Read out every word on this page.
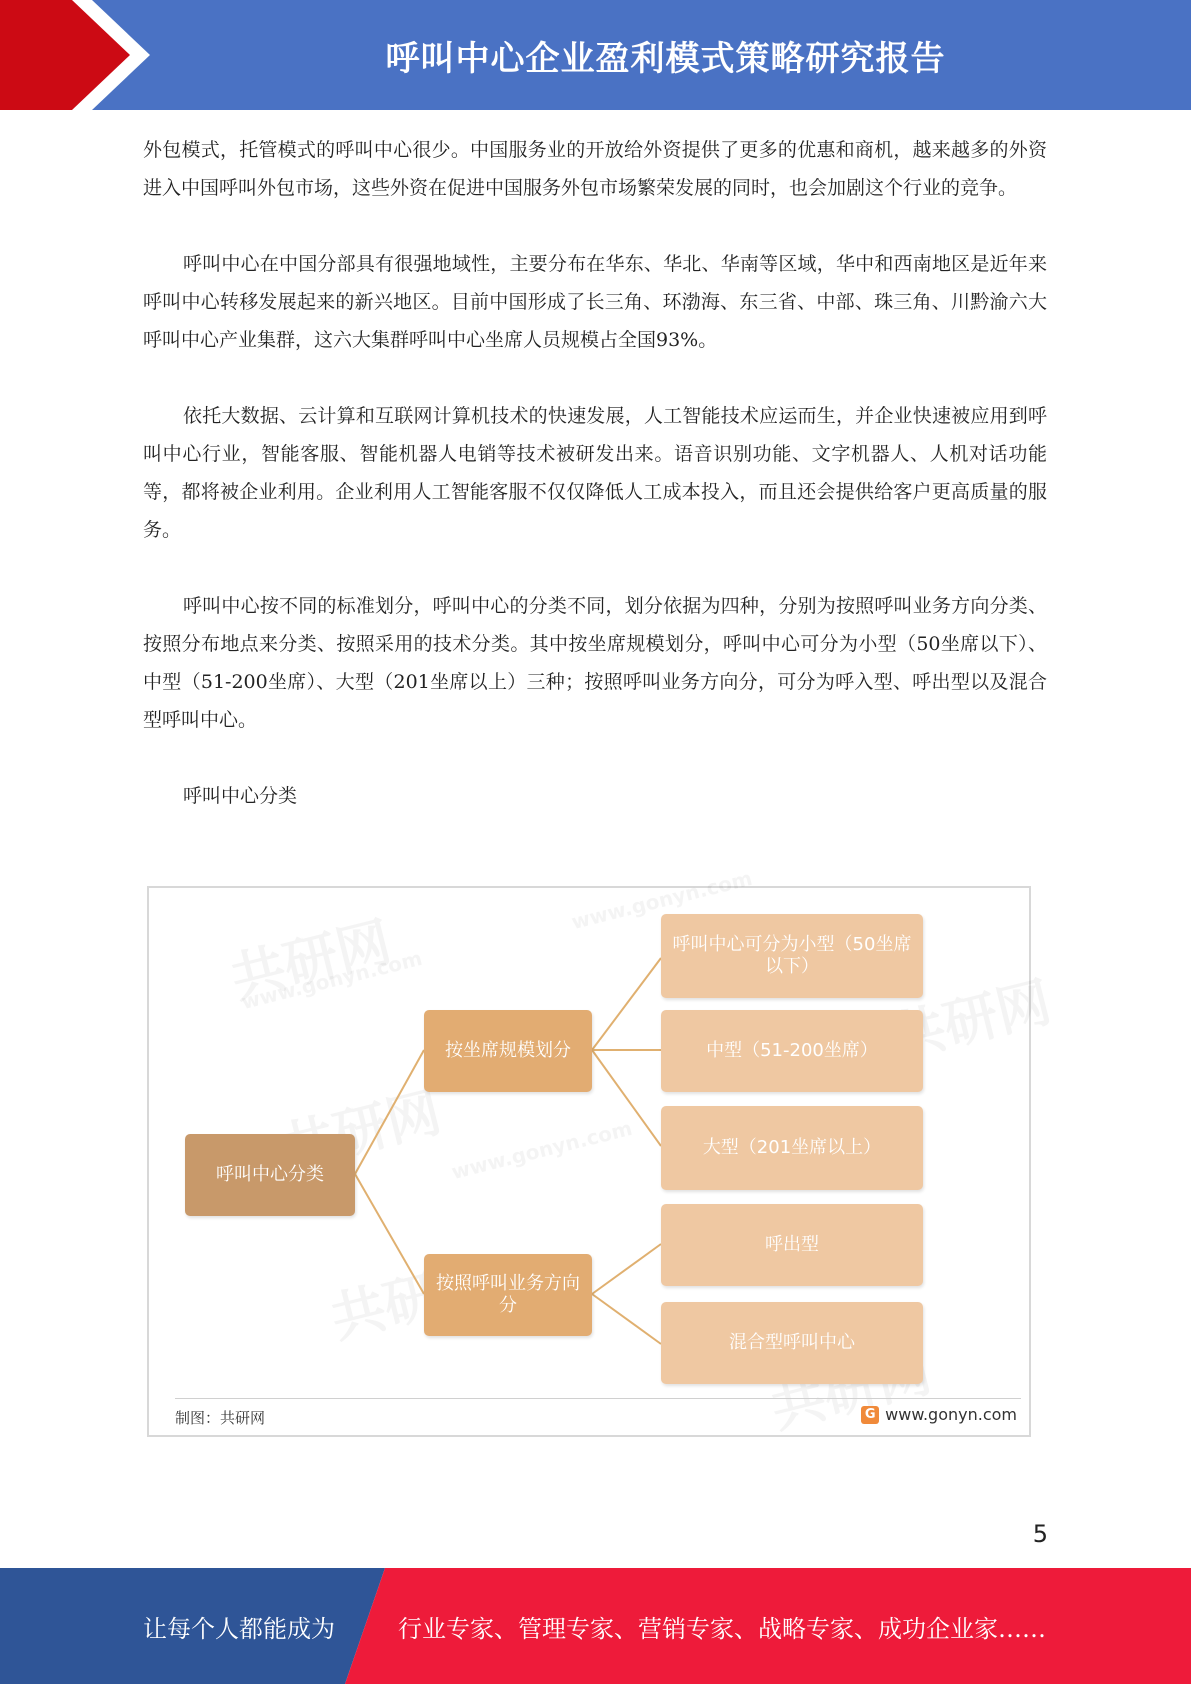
呼叫中心企业盈利模式策略研究报告

外包模式，托管模式的呼叫中心很少。中国服务业的开放给外资提供了更多的优惠和商机，越来越多的外资进入中国呼叫外包市场，这些外资在促进中国服务外包市场繁荣发展的同时，也会加剧这个行业的竞争。

呼叫中心在中国分部具有很强地域性，主要分布在华东、华北、华南等区域，华中和西南地区是近年来呼叫中心转移发展起来的新兴地区。目前中国形成了长三角、环渤海、东三省、中部、珠三角、川黔渝六大呼叫中心产业集群，这六大集群呼叫中心坐席人员规模占全国93%。

依托大数据、云计算和互联网计算机技术的快速发展，人工智能技术应运而生，并企业快速被应用到呼叫中心行业，智能客服、智能机器人电销等技术被研发出来。语音识别功能、文字机器人、人机对话功能等，都将被企业利用。企业利用人工智能客服不仅仅降低人工成本投入，而且还会提供给客户更高质量的服务。

呼叫中心按不同的标准划分，呼叫中心的分类不同，划分依据为四种，分别为按照呼叫业务方向分类、按照分布地点来分类、按照采用的技术分类。其中按坐席规模划分，呼叫中心可分为小型（50坐席以下）、中型（51-200坐席）、大型（201坐席以上）三种；按照呼叫业务方向分，可分为呼入型、呼出型以及混合型呼叫中心。

呼叫中心分类

呼叫中心分类
按坐席规模划分
按照呼叫业务方向分
呼叫中心可分为小型（50坐席以下）
中型（51-200坐席）
大型（201坐席以上）
呼出型
混合型呼叫中心
制图：共研网	G www.gonyn.com
5
让每个人都能成为	行业专家、管理专家、营销专家、战略专家、成功企业家……
